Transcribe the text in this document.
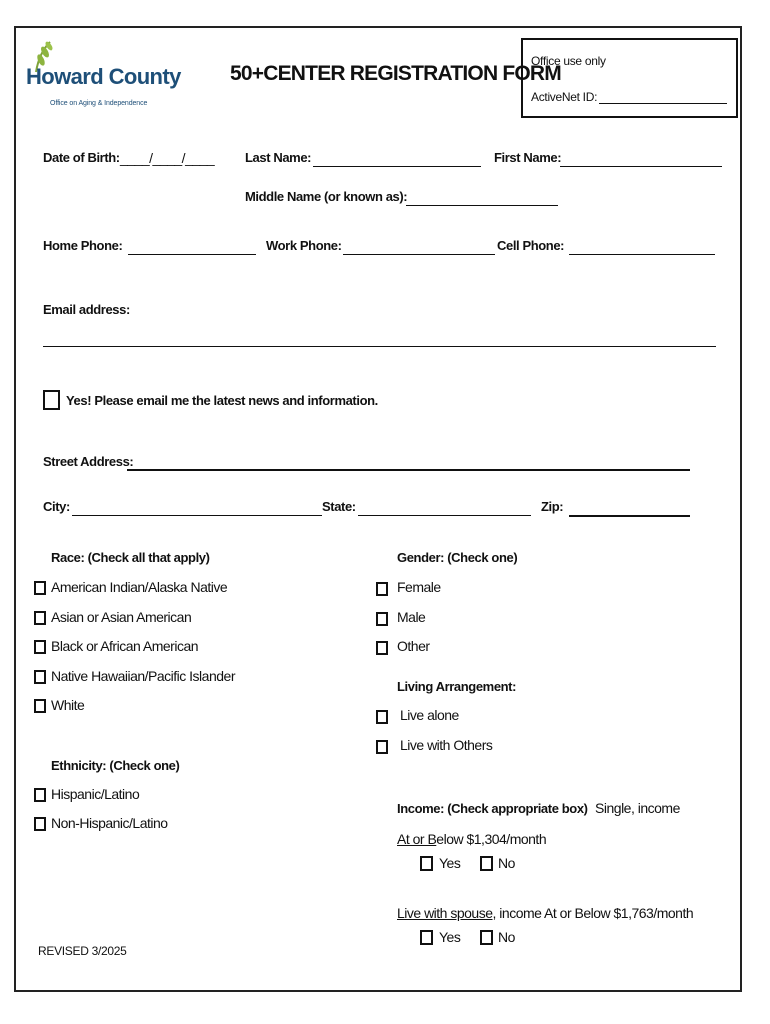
Howard County
Office on Aging & Independence
50+CENTER REGISTRATION FORM
Office use only
ActiveNet ID:
Date of Birth: ____/____/____ Last Name:	First Name:
Middle Name (or known as):
Home Phone:	Work Phone:	Cell Phone:
Email address:
Yes! Please email me the latest news and information.
Street Address:
City:	State:	Zip:
Race: (Check all that apply)
American Indian/Alaska Native
Asian or Asian American
Black or African American
Native Hawaiian/Pacific Islander
White
Ethnicity: (Check one)
Hispanic/Latino
Non-Hispanic/Latino
Gender: (Check one)
Female
Male
Other
Living Arrangement:
Live alone
Live with Others
Income: (Check appropriate box) Single, income
At or Below $1,304/month
Yes	No
Live with spouse, income At or Below $1,763/month
Yes	No
REVISED 3/2025
